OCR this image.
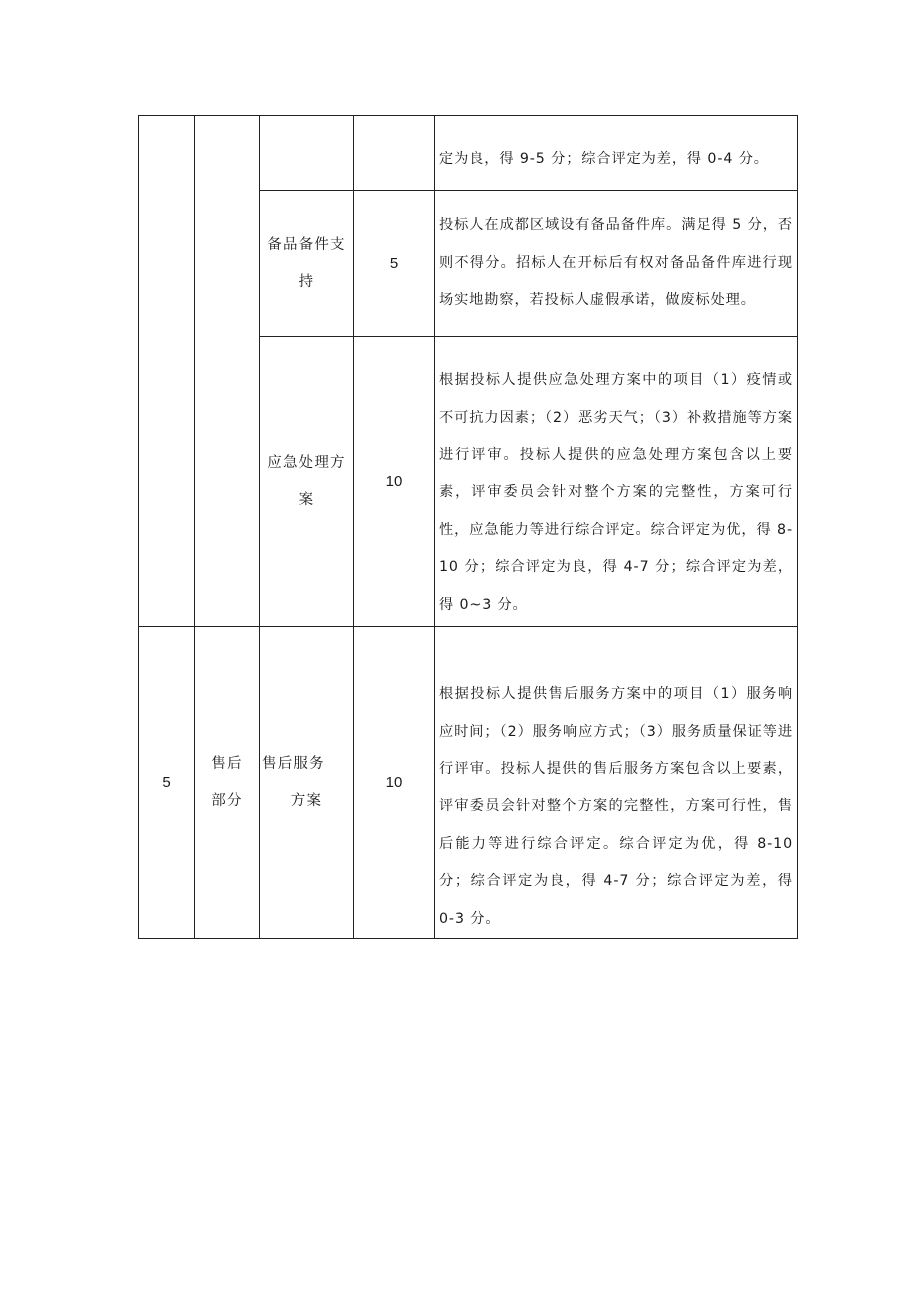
定为良，得 9-5 分；综合评定为差，得 0-4 分。
备品备件支持
5
投标人在成都区域设有备品备件库。满足得 5 分，否则不得分。招标人在开标后有权对备品备件库进行现场实地勘察，若投标人虚假承诺，做废标处理。
应急处理方案
10
根据投标人提供应急处理方案中的项目（1）疫情或不可抗力因素；（2）恶劣天气；（3）补救措施等方案进行评审。投标人提供的应急处理方案包含以上要素，评审委员会针对整个方案的完整性，方案可行性，应急能力等进行综合评定。综合评定为优，得 8-10 分；综合评定为良，得 4-7 分；综合评定为差，得 0~3 分。
5
售后
部分
售后服务
方案
10
根据投标人提供售后服务方案中的项目（1）服务响应时间；（2）服务响应方式；（3）服务质量保证等进行评审。投标人提供的售后服务方案包含以上要素，评审委员会针对整个方案的完整性，方案可行性，售后能力等进行综合评定。综合评定为优，得 8-10 分；综合评定为良，得 4-7 分；综合评定为差，得 0-3 分。
